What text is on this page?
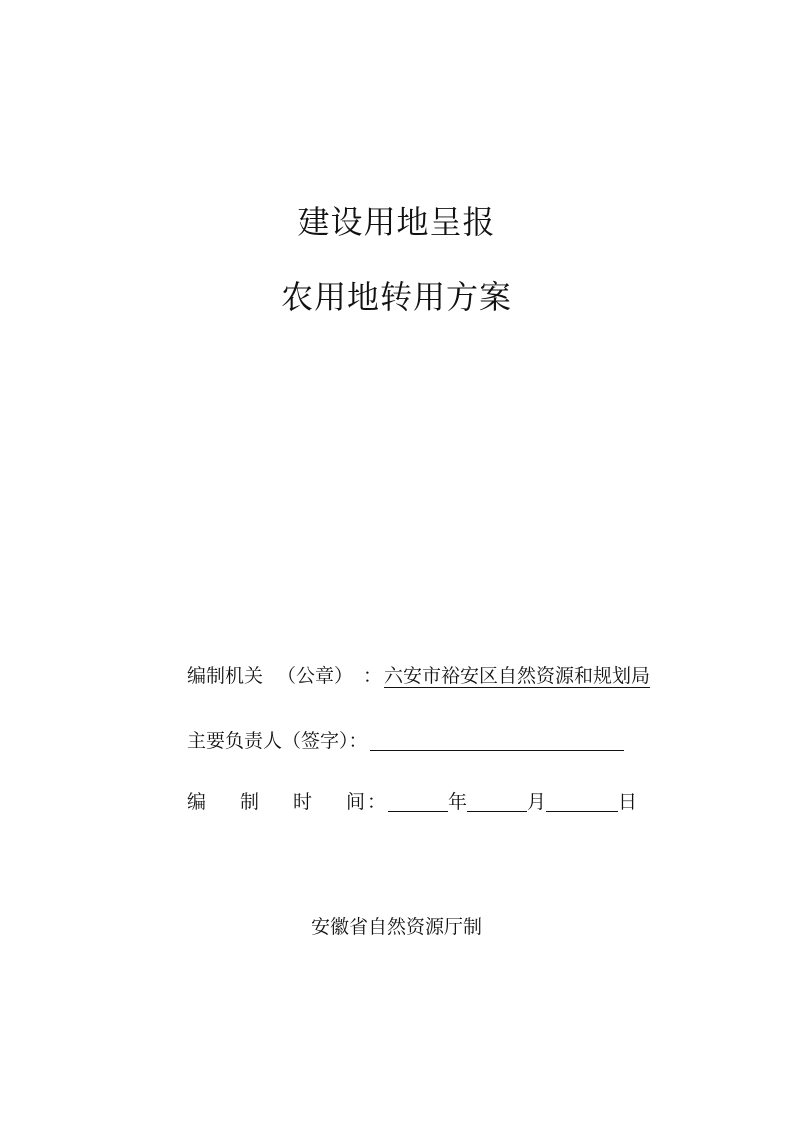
建设用地呈报
农用地转用方案
编制机关 （公章） ： 六安市裕安区自然资源和规划局
主要负责人（签字）：
编 制 时 间 ：	年	月	日
安徽省自然资源厅制
